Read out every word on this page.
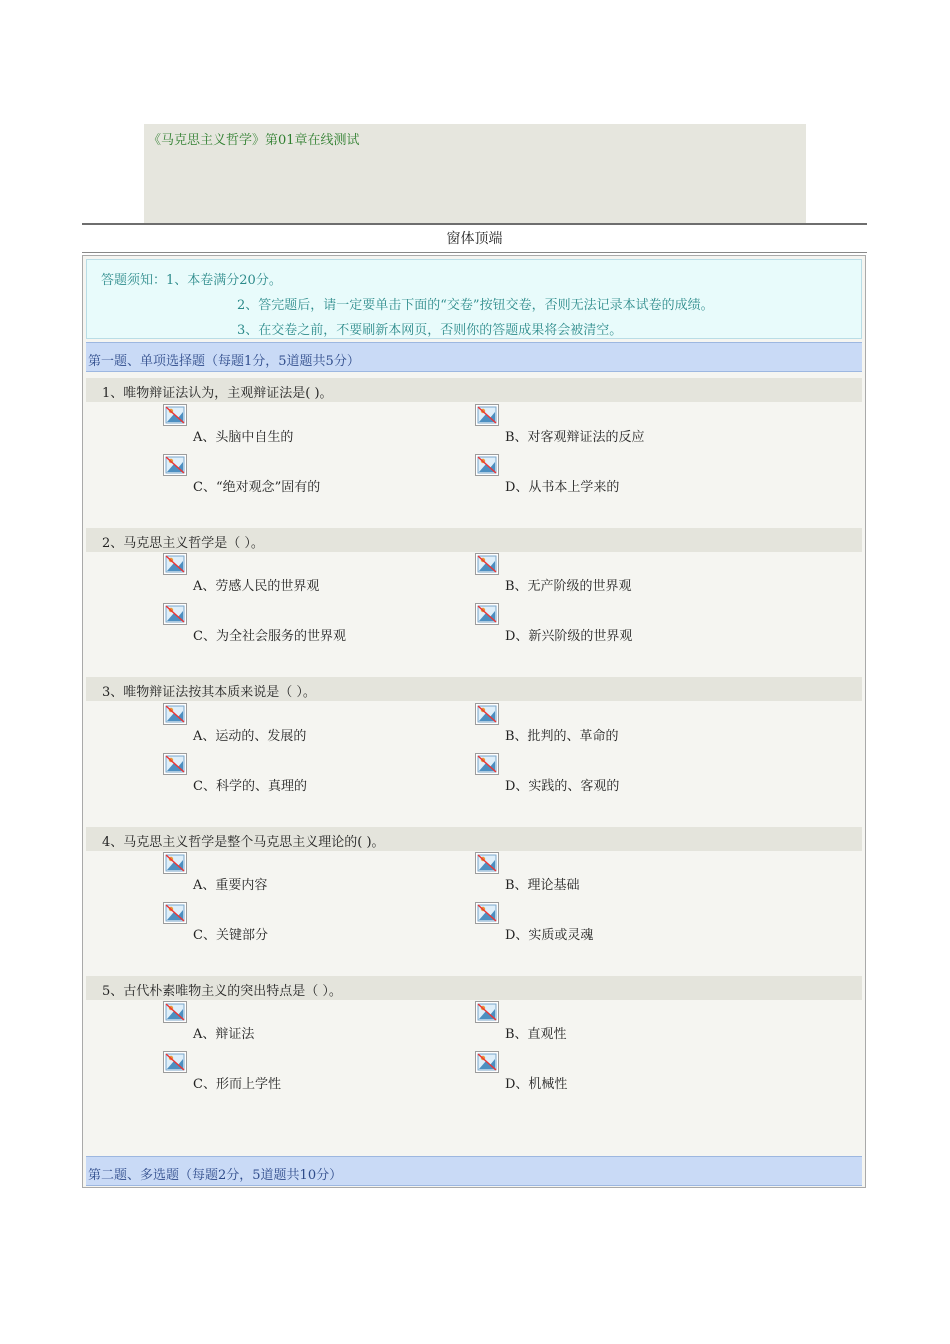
《马克思主义哲学》第01章在线测试
窗体顶端
答题须知：1、本卷满分20分。
2、答完题后，请一定要单击下面的“交卷”按钮交卷，否则无法记录本试卷的成绩。
3、在交卷之前，不要刷新本网页，否则你的答题成果将会被清空。
第一题、单项选择题（每题1分，5道题共5分）
1、唯物辩证法认为，主观辩证法是( )。
A、头脑中自生的	B、对客观辩证法的反应
C、“绝对观念”固有的	D、从书本上学来的
2、马克思主义哲学是（ ）。
A、劳感人民的世界观	B、无产阶级的世界观
C、为全社会服务的世界观	D、新兴阶级的世界观
3、唯物辩证法按其本质来说是（ ）。
A、运动的、发展的	B、批判的、革命的
C、科学的、真理的	D、实践的、客观的
4、马克思主义哲学是整个马克思主义理论的( )。
A、重要内容	B、理论基础
C、关键部分	D、实质或灵魂
5、古代朴素唯物主义的突出特点是（ ）。
A、辩证法	B、直观性
C、形而上学性	D、机械性
第二题、多选题（每题2分，5道题共10分）
